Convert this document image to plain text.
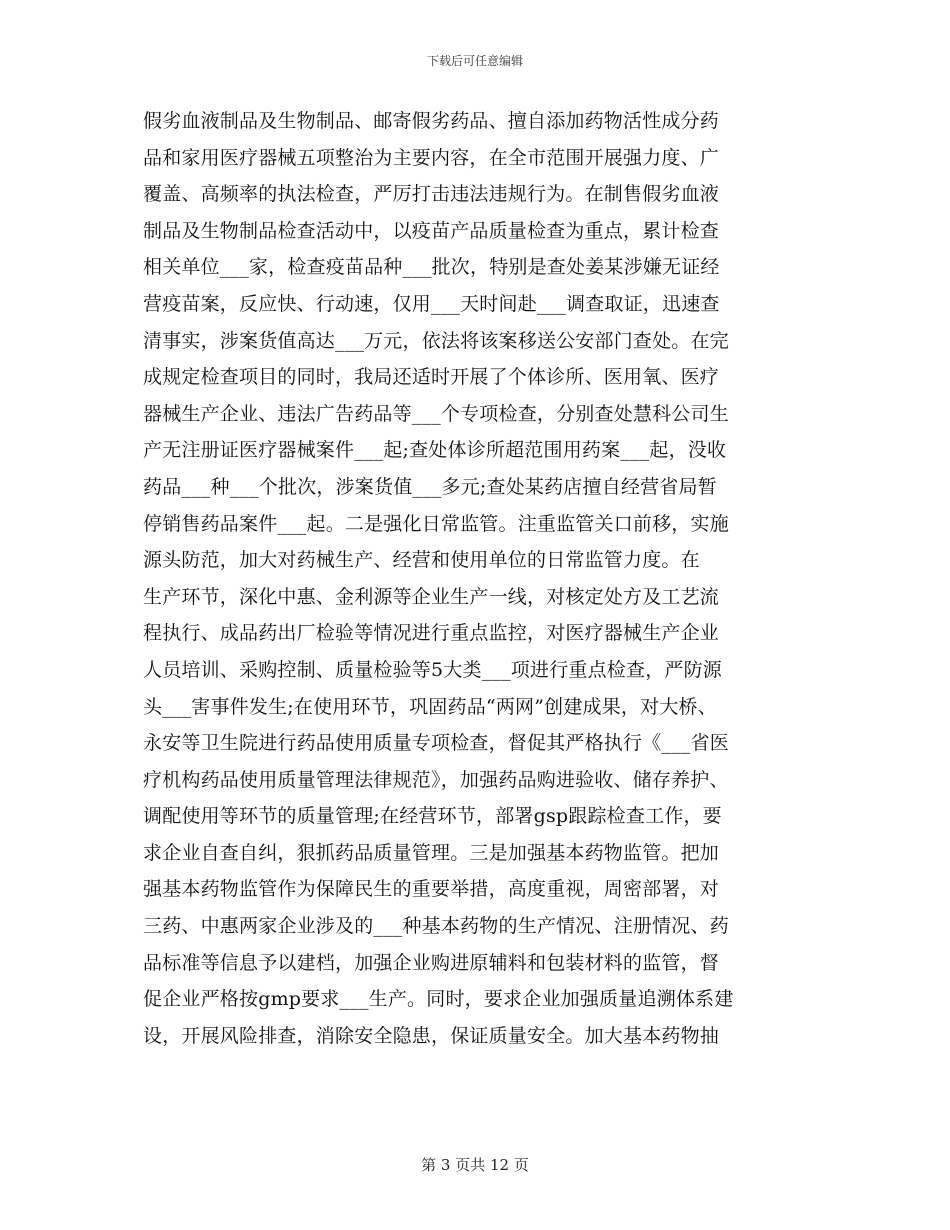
下载后可任意编辑
假劣血液制品及生物制品、邮寄假劣药品、擅自添加药物活性成分药
品和家用医疗器械五项整治为主要内容，在全市范围开展强力度、广
覆盖、高频率的执法检查，严厉打击违法违规行为。在制售假劣血液
制品及生物制品检查活动中，以疫苗产品质量检查为重点，累计检查
相关单位___家，检查疫苗品种___批次，特别是查处姜某涉嫌无证经
营疫苗案，反应快、行动速，仅用___天时间赴___调查取证，迅速查
清事实，涉案货值高达___万元，依法将该案移送公安部门查处。在完
成规定检查项目的同时，我局还适时开展了个体诊所、医用氧、医疗
器械生产企业、违法广告药品等___个专项检查，分别查处慧科公司生
产无注册证医疗器械案件___起;查处体诊所超范围用药案___起，没收
药品___种___个批次，涉案货值___多元;查处某药店擅自经营省局暂
停销售药品案件___起。二是强化日常监管。注重监管关口前移，实施
源头防范，加大对药械生产、经营和使用单位的日常监管力度。在
生产环节，深化中惠、金利源等企业生产一线，对核定处方及工艺流
程执行、成品药出厂检验等情况进行重点监控，对医疗器械生产企业
人员培训、采购控制、质量检验等5大类___项进行重点检查，严防源
头___害事件发生;在使用环节，巩固药品“两网”创建成果，对大桥、
永安等卫生院进行药品使用质量专项检查，督促其严格执行《___省医
疗机构药品使用质量管理法律规范》，加强药品购进验收、储存养护、
调配使用等环节的质量管理;在经营环节，部署gsp跟踪检查工作，要
求企业自查自纠，狠抓药品质量管理。三是加强基本药物监管。把加
强基本药物监管作为保障民生的重要举措，高度重视，周密部署，对
三药、中惠两家企业涉及的___种基本药物的生产情况、注册情况、药
品标准等信息予以建档，加强企业购进原辅料和包装材料的监管，督
促企业严格按gmp要求___生产。同时，要求企业加强质量追溯体系建
设，开展风险排查，消除安全隐患，保证质量安全。加大基本药物抽
第 3 页共 12 页
